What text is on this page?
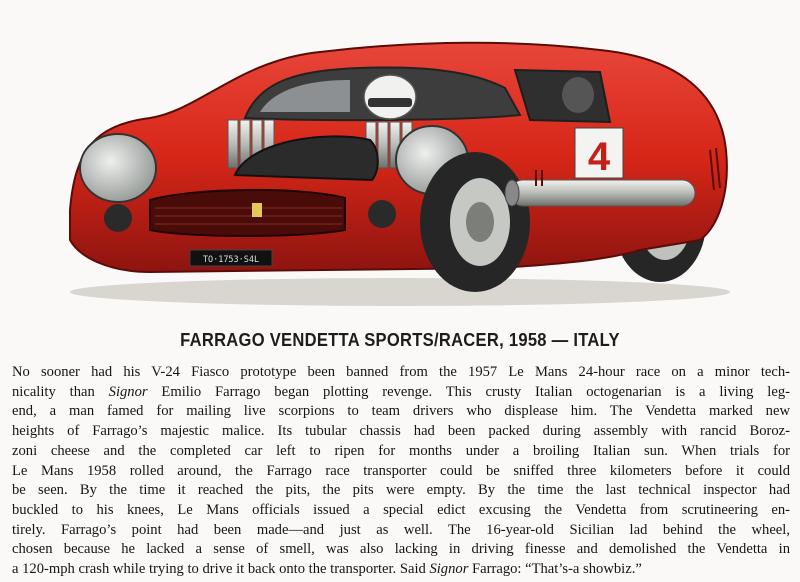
TO·1753·S4L
4
FARRAGO VENDETTA SPORTS/RACER, 1958 — ITALY
No sooner had his V-24 Fiasco prototype been banned from the 1957 Le Mans 24-hour race on a minor tech-
nicality than Signor Emilio Farrago began plotting revenge. This crusty Italian octogenarian is a living leg-
end, a man famed for mailing live scorpions to team drivers who displease him. The Vendetta marked new
heights of Farrago’s majestic malice. Its tubular chassis had been packed during assembly with rancid Boroz-
zoni cheese and the completed car left to ripen for months under a broiling Italian sun. When trials for
Le Mans 1958 rolled around, the Farrago race transporter could be sniffed three kilometers before it could
be seen. By the time it reached the pits, the pits were empty. By the time the last technical inspector had
buckled to his knees, Le Mans officials issued a special edict excusing the Vendetta from scrutineering en-
tirely. Farrago’s point had been made—and just as well. The 16-year-old Sicilian lad behind the wheel,
chosen because he lacked a sense of smell, was also lacking in driving finesse and demolished the Vendetta in
a 120-mph crash while trying to drive it back onto the transporter. Said Signor Farrago: “That’s-a showbiz.”
